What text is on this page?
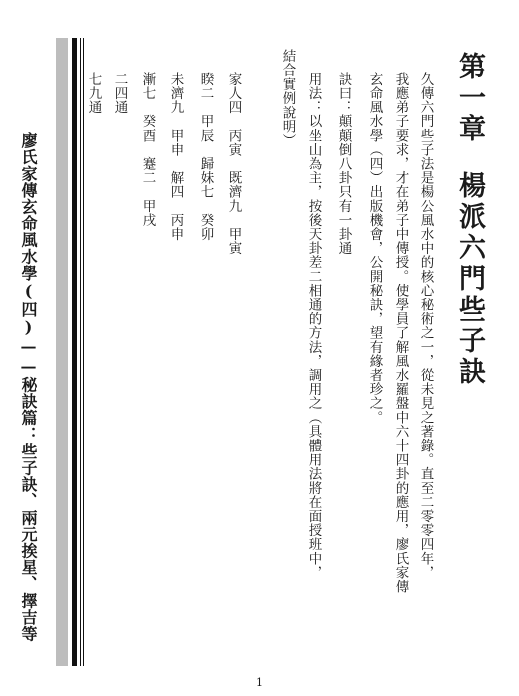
廖氏家傳玄命風水學(四)——秘訣篇：些子訣、兩元挨星、擇吉等
第一章楊派六門些子訣
久傳六門些子法是楊公風水中的核心秘術之一，從未見之著錄。直至二零零四年，
我應弟子要求，才在弟子中傳授。使學員了解風水羅盤中六十四卦的應用，廖氏家傳
玄命風水學（四）出版機會，公開秘訣，望有緣者珍之。
訣曰：顛顛倒八卦只有一卦通
用法：以坐山為主，按後天卦差二相通的方法，調用之（具體用法將在面授班中，
結合實例說明）
家人四　丙寅　既濟九　甲寅
睽二　甲辰　歸妹七　癸卯
未濟九　甲申　解四　丙申
漸七　癸酉　蹇二　甲戌
二四通
七九通
1
